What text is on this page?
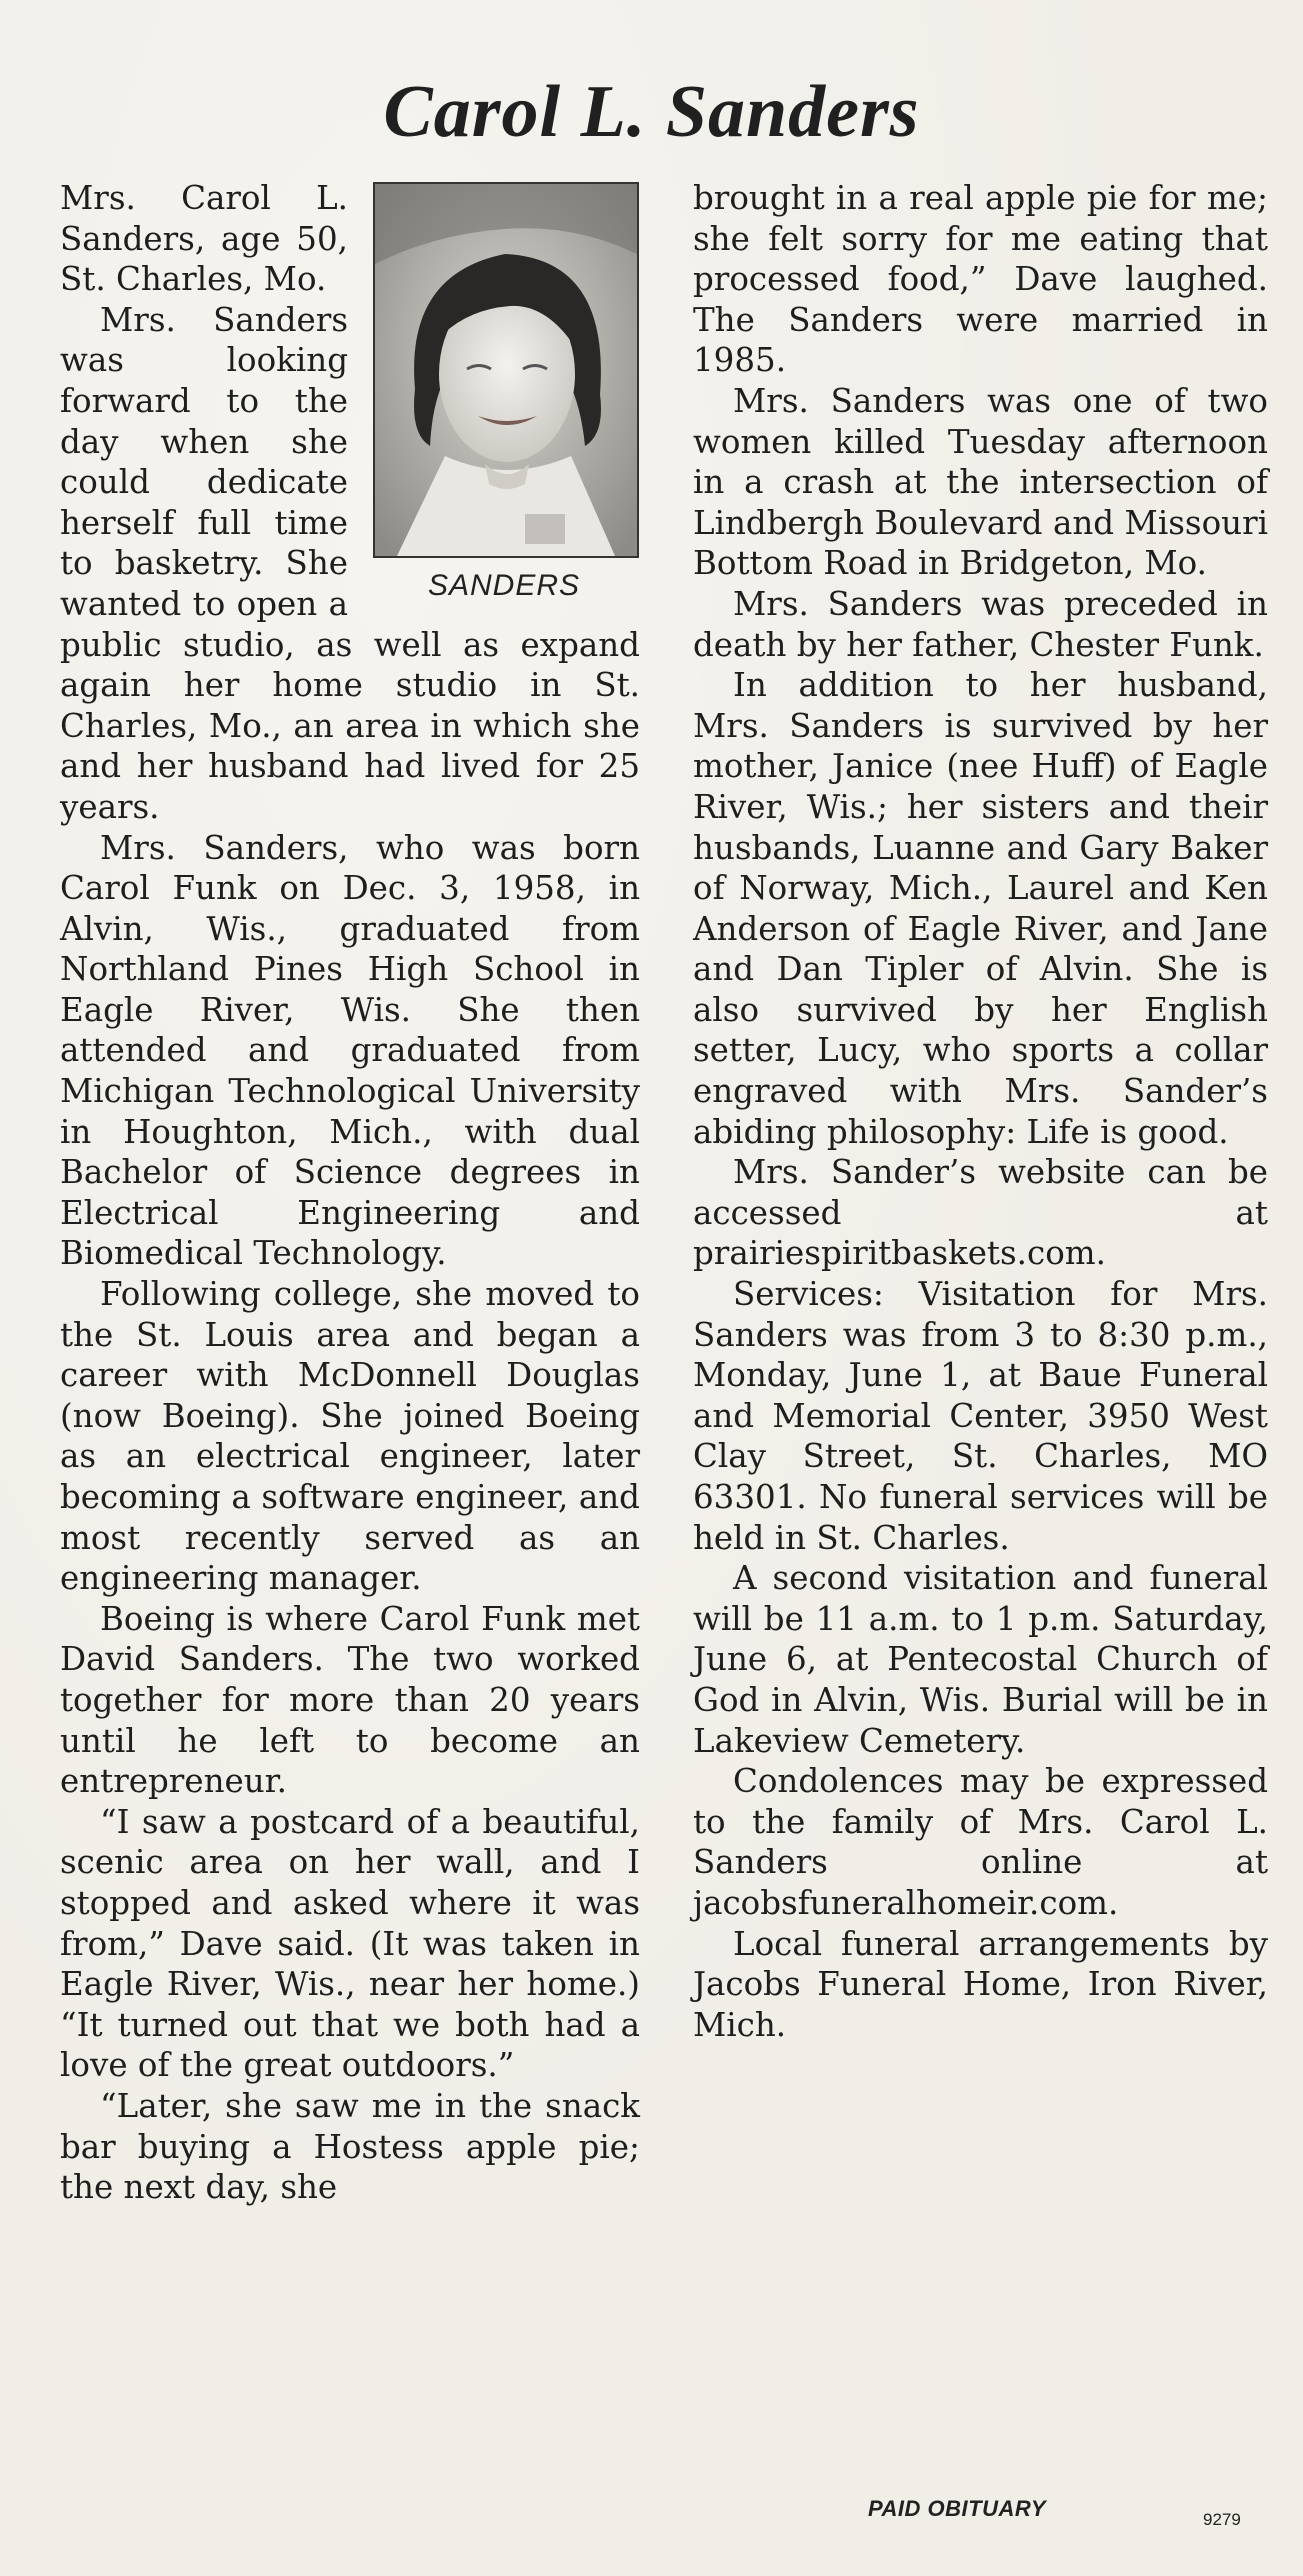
Carol L. Sanders
SANDERS

Mrs. Carol L. Sanders, age 50, St. Charles, Mo.

Mrs. Sanders was looking forward to the day when she could dedicate herself full time to basketry. She wanted to open a public studio, as well as expand again her home studio in St. Charles, Mo., an area in which she and her husband had lived for 25 years.

Mrs. Sanders, who was born Carol Funk on Dec. 3, 1958, in Alvin, Wis., graduated from Northland Pines High School in Eagle River, Wis. She then attended and graduated from Michigan Technological University in Houghton, Mich., with dual Bachelor of Science degrees in Electrical Engineering and Biomedical Technology.

Following college, she moved to the St. Louis area and began a career with McDonnell Douglas (now Boeing). She joined Boeing as an electrical engineer, later becoming a software engineer, and most recently served as an engineering manager.

Boeing is where Carol Funk met David Sanders. The two worked together for more than 20 years until he left to become an entrepreneur.

“I saw a postcard of a beautiful, scenic area on her wall, and I stopped and asked where it was from,” Dave said. (It was taken in Eagle River, Wis., near her home.) “It turned out that we both had a love of the great outdoors.”

“Later, she saw me in the snack bar buying a Hostess apple pie; the next day, she

brought in a real apple pie for me; she felt sorry for me eating that processed food,” Dave laughed. The Sanders were married in 1985.

Mrs. Sanders was one of two women killed Tuesday afternoon in a crash at the intersection of Lindbergh Boulevard and Missouri Bottom Road in Bridgeton, Mo.

Mrs. Sanders was preceded in death by her father, Chester Funk.

In addition to her husband, Mrs. Sanders is survived by her mother, Janice (nee Huff) of Eagle River, Wis.; her sisters and their husbands, Luanne and Gary Baker of Norway, Mich., Laurel and Ken Anderson of Eagle River, and Jane and Dan Tipler of Alvin. She is also survived by her English setter, Lucy, who sports a collar engraved with Mrs. Sander’s abiding philosophy: Life is good.

Mrs. Sander’s website can be accessed at prairiespiritbaskets.com.

Services: Visitation for Mrs. Sanders was from 3 to 8:30 p.m., Monday, June 1, at Baue Funeral and Memorial Center, 3950 West Clay Street, St. Charles, MO 63301. No funeral services will be held in St. Charles.

A second visitation and funeral will be 11 a.m. to 1 p.m. Saturday, June 6, at Pentecostal Church of God in Alvin, Wis. Burial will be in Lakeview Cemetery.

Condolences may be expressed to the family of Mrs. Carol L. Sanders online at jacobsfuneralhomeir.com.

Local funeral arrangements by Jacobs Funeral Home, Iron River, Mich.

PAID OBITUARY	9279
